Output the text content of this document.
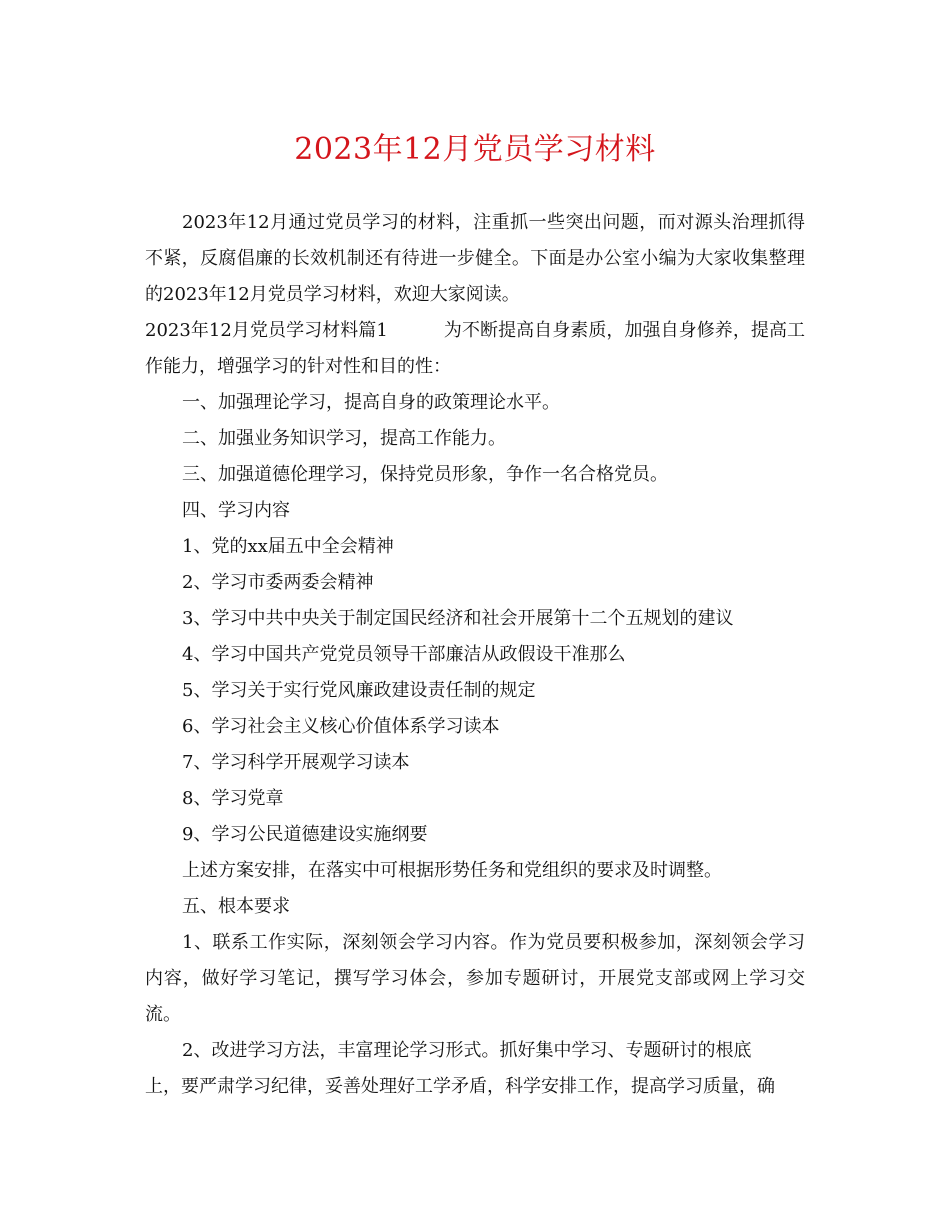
2023年12月党员学习材料

2023年12月通过党员学习的材料，注重抓一些突出问题，而对源头治理抓得不紧，反腐倡廉的长效机制还有待进一步健全。下面是办公室小编为大家收集整理的2023年12月党员学习材料，欢迎大家阅读。

2023年12月党员学习材料篇1	为不断提高自身素质，加强自身修养，提高工作能力，增强学习的针对性和目的性：

一、加强理论学习，提高自身的政策理论水平。

二、加强业务知识学习，提高工作能力。

三、加强道德伦理学习，保持党员形象，争作一名合格党员。

四、学习内容

1、党的xx届五中全会精神

2、学习市委两委会精神

3、学习中共中央关于制定国民经济和社会开展第十二个五规划的建议

4、学习中国共产党党员领导干部廉洁从政假设干准那么

5、学习关于实行党风廉政建设责任制的规定

6、学习社会主义核心价值体系学习读本

7、学习科学开展观学习读本

8、学习党章

9、学习公民道德建设实施纲要

上述方案安排，在落实中可根据形势任务和党组织的要求及时调整。

五、根本要求

1、联系工作实际，深刻领会学习内容。作为党员要积极参加，深刻领会学习内容，做好学习笔记，撰写学习体会，参加专题研讨，开展党支部或网上学习交流。

2、改进学习方法，丰富理论学习形式。抓好集中学习、专题研讨的根底

上，要严肃学习纪律，妥善处理好工学矛盾，科学安排工作，提高学习质量，确
